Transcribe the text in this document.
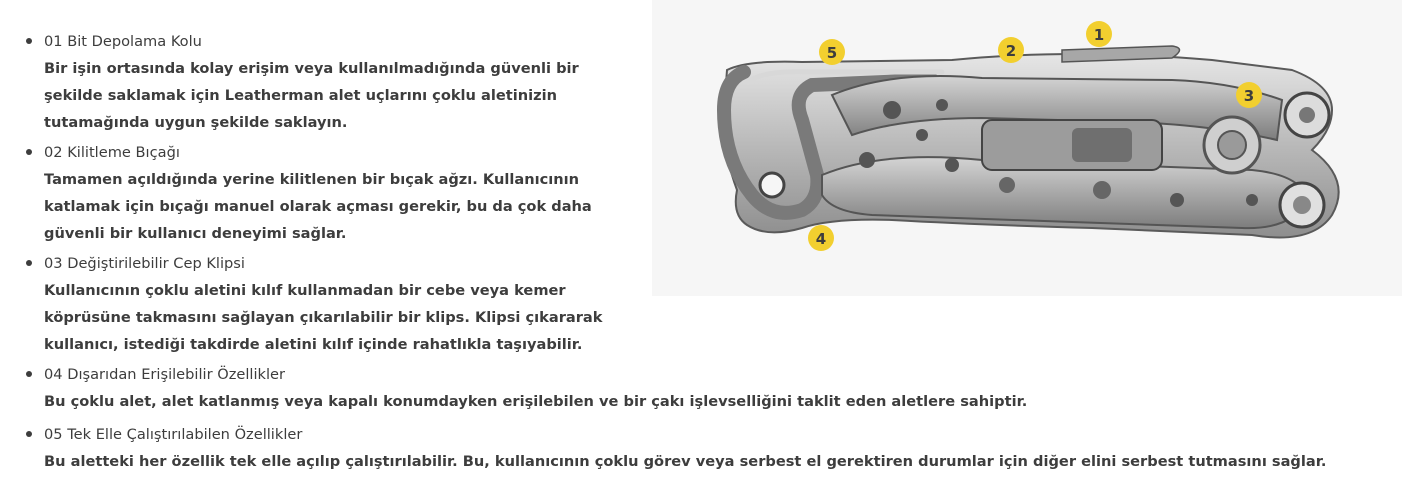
01 Bit Depolama Kolu
Bir işin ortasında kolay erişim veya kullanılmadığında güvenli bir şekilde saklamak için Leatherman alet uçlarını çoklu aletinizin tutamağında uygun şekilde saklayın.
02 Kilitleme Bıçağı
Tamamen açıldığında yerine kilitlenen bir bıçak ağzı. Kullanıcının katlamak için bıçağı manuel olarak açması gerekir, bu da çok daha güvenli bir kullanıcı deneyimi sağlar.
03 Değiştirilebilir Cep Klipsi
Kullanıcının çoklu aletini kılıf kullanmadan bir cebe veya kemer köprüsüne takmasını sağlayan çıkarılabilir bir klips. Klipsi çıkararak kullanıcı, istediği takdirde aletini kılıf içinde rahatlıkla taşıyabilir.
04 Dışarıdan Erişilebilir Özellikler
Bu çoklu alet, alet katlanmış veya kapalı konumdayken erişilebilen ve bir çakı işlevselliğini taklit eden aletlere sahiptir.
05 Tek Elle Çalıştırılabilen Özellikler
Bu aletteki her özellik tek elle açılıp çalıştırılabilir. Bu, kullanıcının çoklu görev veya serbest el gerektiren durumlar için diğer elini serbest tutmasını sağlar.
1
2
3
4
5
